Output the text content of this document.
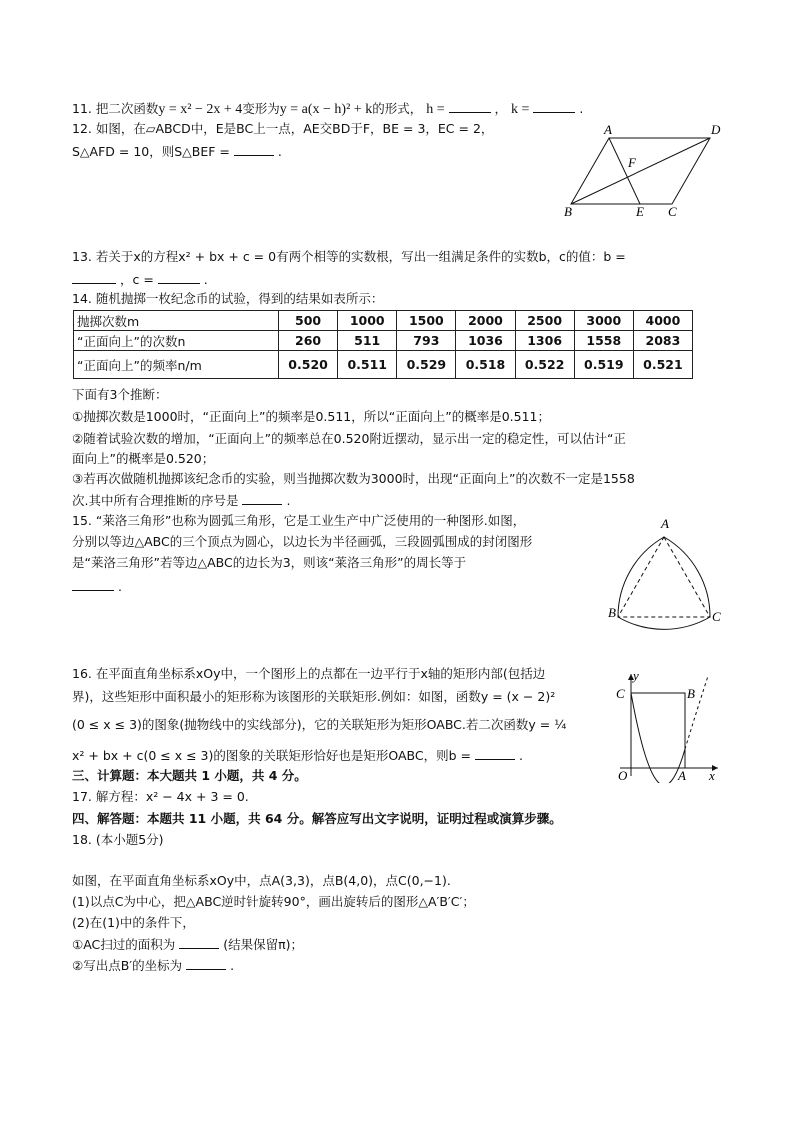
11. 把二次函数y = x² − 2x + 4变形为y = a(x − h)² + k的形式， h =	， k =	.
12. 如图，在▱ABCD中，E是BC上一点，AE交BD于F，BE = 3，EC = 2，
S△AFD = 10，则S△BEF =	.
A	D
F
B	E C
13. 若关于x的方程x² + bx + c = 0有两个相等的实数根，写出一组满足条件的实数b，c的值：b =
，c =	.
14. 随机抛掷一枚纪念币的试验，得到的结果如表所示：
抛掷次数m	500	1000	1500	2000	2500	3000	4000
“正面向上”的次数n	260	511	793	1036	1306	1558	2083
“正面向上”的频率n/m	0.520	0.511	0.529	0.518	0.522	0.519	0.521
下面有3个推断：
①抛掷次数是1000时，“正面向上”的频率是0.511，所以“正面向上”的概率是0.511；
②随着试验次数的增加，“正面向上”的频率总在0.520附近摆动，显示出一定的稳定性，可以估计“正
面向上”的概率是0.520；
③若再次做随机抛掷该纪念币的实验，则当抛掷次数为3000时，出现“正面向上”的次数不一定是1558
次.其中所有合理推断的序号是	.
15. “莱洛三角形”也称为圆弧三角形，它是工业生产中广泛使用的一种图形.如图，
分别以等边△ABC的三个顶点为圆心，以边长为半径画弧，三段圆弧围成的封闭图形
是“莱洛三角形”若等边△ABC的边长为3，则该“莱洛三角形”的周长等于
.
A
B	C
16. 在平面直角坐标系xOy中，一个图形上的点都在一边平行于x轴的矩形内部(包括边
界)，这些矩形中面积最小的矩形称为该图形的关联矩形.例如：如图，函数y = (x − 2)²
(0 ≤ x ≤ 3)的图象(抛物线中的实线部分)，它的关联矩形为矩形OABC.若二次函数y = ¼
x² + bx + c(0 ≤ x ≤ 3)的图象的关联矩形恰好也是矩形OABC，则b =	.
y
C	B
O	A x
三、计算题：本大题共 1 小题，共 4 分。
17. 解方程：x² − 4x + 3 = 0.
四、解答题：本题共 11 小题，共 64 分。解答应写出文字说明，证明过程或演算步骤。
18. (本小题5分)
如图，在平面直角坐标系xOy中，点A(3,3)，点B(4,0)，点C(0,−1).
(1)以点C为中心，把△ABC逆时针旋转90°，画出旋转后的图形△A′B′C′；
(2)在(1)中的条件下，
①AC扫过的面积为	(结果保留π)；
②写出点B′的坐标为	.
